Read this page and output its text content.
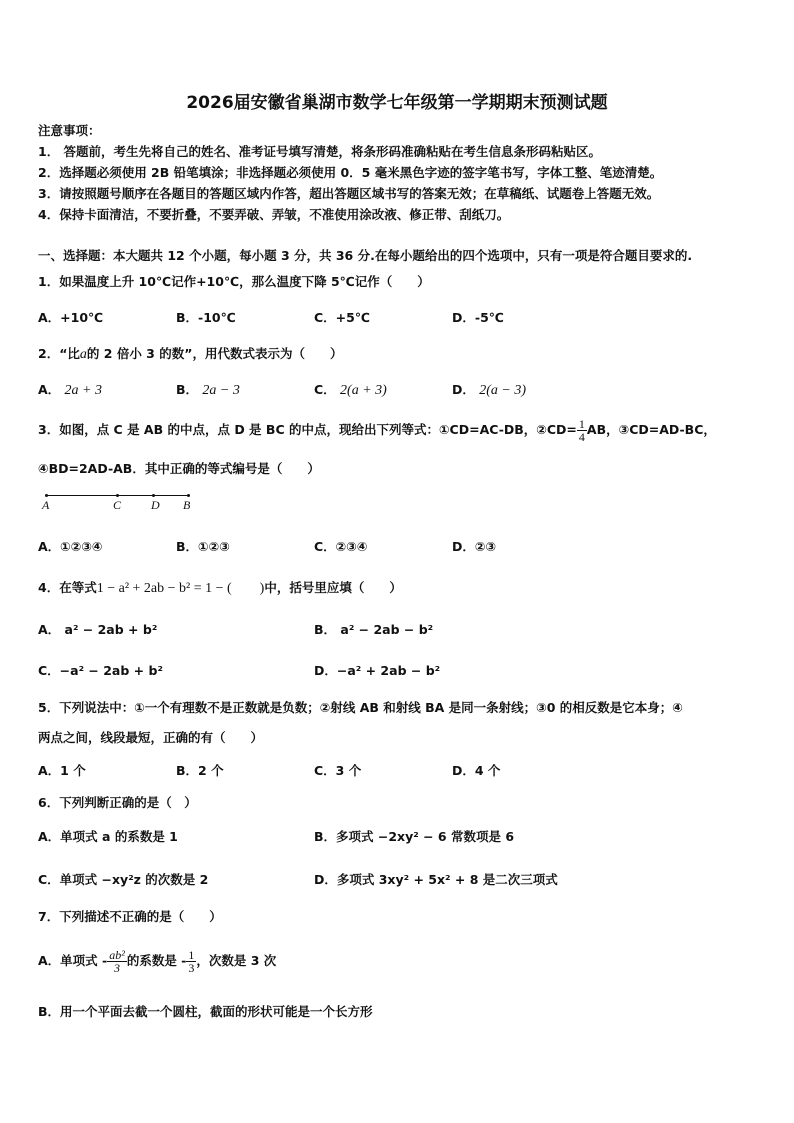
2026届安徽省巢湖市数学七年级第一学期期末预测试题
注意事项：
1． 答题前，考生先将自己的姓名、准考证号填写清楚，将条形码准确粘贴在考生信息条形码粘贴区。
2．选择题必须使用 2B 铅笔填涂；非选择题必须使用 0．5 毫米黑色字迹的签字笔书写，字体工整、笔迹清楚。
3．请按照题号顺序在各题目的答题区域内作答，超出答题区域书写的答案无效；在草稿纸、试题卷上答题无效。
4．保持卡面清洁，不要折叠，不要弄破、弄皱，不准使用涂改液、修正带、刮纸刀。
一、选择题：本大题共 12 个小题，每小题 3 分，共 36 分.在每小题给出的四个选项中，只有一项是符合题目要求的.
1．如果温度上升 10℃记作+10℃，那么温度下降 5℃记作（　　）
A．+10℃	B．-10℃	C．+5℃	D．-5℃
2．“比a的 2 倍小 3 的数”，用代数式表示为（　　）
A． 2a + 3	B． 2a − 3	C． 2(a + 3)	D． 2(a − 3)
3．如图，点 C 是 AB 的中点，点 D 是 BC 的中点，现给出下列等式：①CD=AC-DB，②CD= $\frac{1}{4}$ AB，③CD=AD-BC，
④BD=2AD-AB．其中正确的等式编号是（　　）
A	C D B
A．①②③④	B．①②③	C．②③④	D．②③
4．在等式1 − a² + 2ab − b² = 1 − (　　)中，括号里应填（　　）
A． a² − 2ab + b²	B． a² − 2ab − b²
C．−a² − 2ab + b²	D．−a² + 2ab − b²
5．下列说法中：①一个有理数不是正数就是负数；②射线 AB 和射线 BA 是同一条射线；③0 的相反数是它本身；④
两点之间，线段最短，正确的有（　　）
A．1 个	B．2 个	C．3 个	D．4 个
6．下列判断正确的是（　）
A．单项式 a 的系数是 1	B．多项式 −2xy² − 6 常数项是 6
C．单项式 −xy²z 的次数是 2	D．多项式 3xy² + 5x² + 8 是二次三项式
7．下列描述不正确的是（　　）
A．单项式 - $\frac{\text{ab²}}{3}$ 的系数是 - $\frac{1}{3}$ ，次数是 3 次
B．用一个平面去截一个圆柱，截面的形状可能是一个长方形
